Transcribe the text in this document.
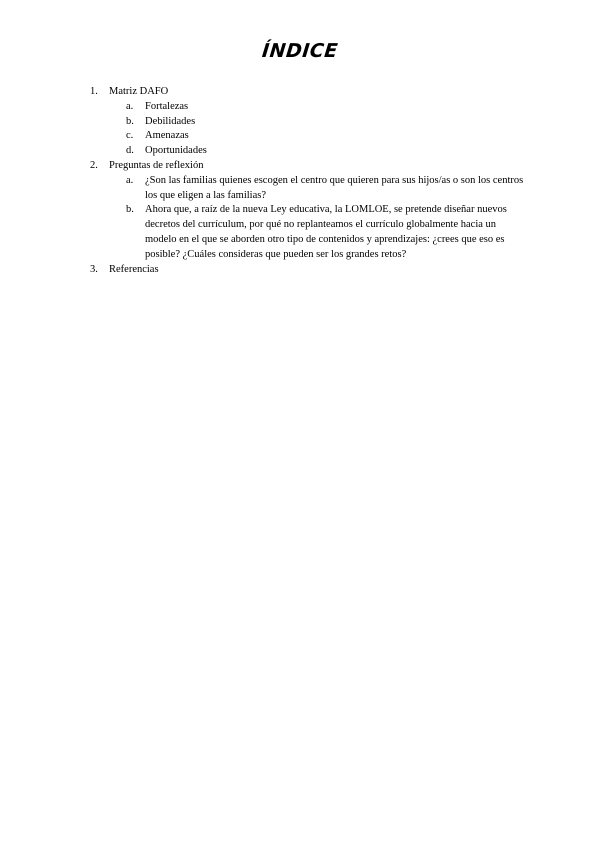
ÍNDICE
1.	Matriz DAFO
a.	Fortalezas
b.	Debilidades
c.	Amenazas
d.	Oportunidades
2.	Preguntas de reflexión
a.	¿Son las familias quienes escogen el centro que quieren para sus hijos/as o son los centros los que eligen a las familias?
b.	Ahora que, a raíz de la nueva Ley educativa, la LOMLOE, se pretende diseñar nuevos decretos del currículum, por qué no replanteamos el currículo globalmente hacia un modelo en el que se aborden otro tipo de contenidos y aprendizajes: ¿crees que eso es posible? ¿Cuáles consideras que pueden ser los grandes retos?
3.	Referencias
